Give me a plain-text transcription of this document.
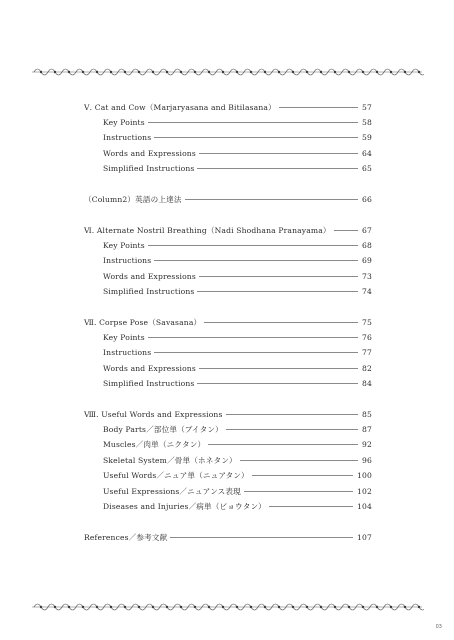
Ⅴ. Cat and Cow（Marjaryasana and Bitilasana）	57
Key Points	58
Instructions	59
Words and Expressions	64
Simplified Instructions	65
（Column2）英語の上達法	66
Ⅵ. Alternate Nostril Breathing（Nadi Shodhana Pranayama）	67
Key Points	68
Instructions	69
Words and Expressions	73
Simplified Instructions	74
Ⅶ. Corpse Pose（Savasana）	75
Key Points	76
Instructions	77
Words and Expressions	82
Simplified Instructions	84
Ⅷ. Useful Words and Expressions	85
Body Parts／部位単（ブイタン）	87
Muscles／肉単（ニクタン）	92
Skeletal System／骨単（ホネタン）	96
Useful Words／ニュア単（ニュアタン）	100
Useful Expressions／ニュアンス表現	102
Diseases and Injuries／病単（ビョウタン）	104
References／参考文献	107
03
